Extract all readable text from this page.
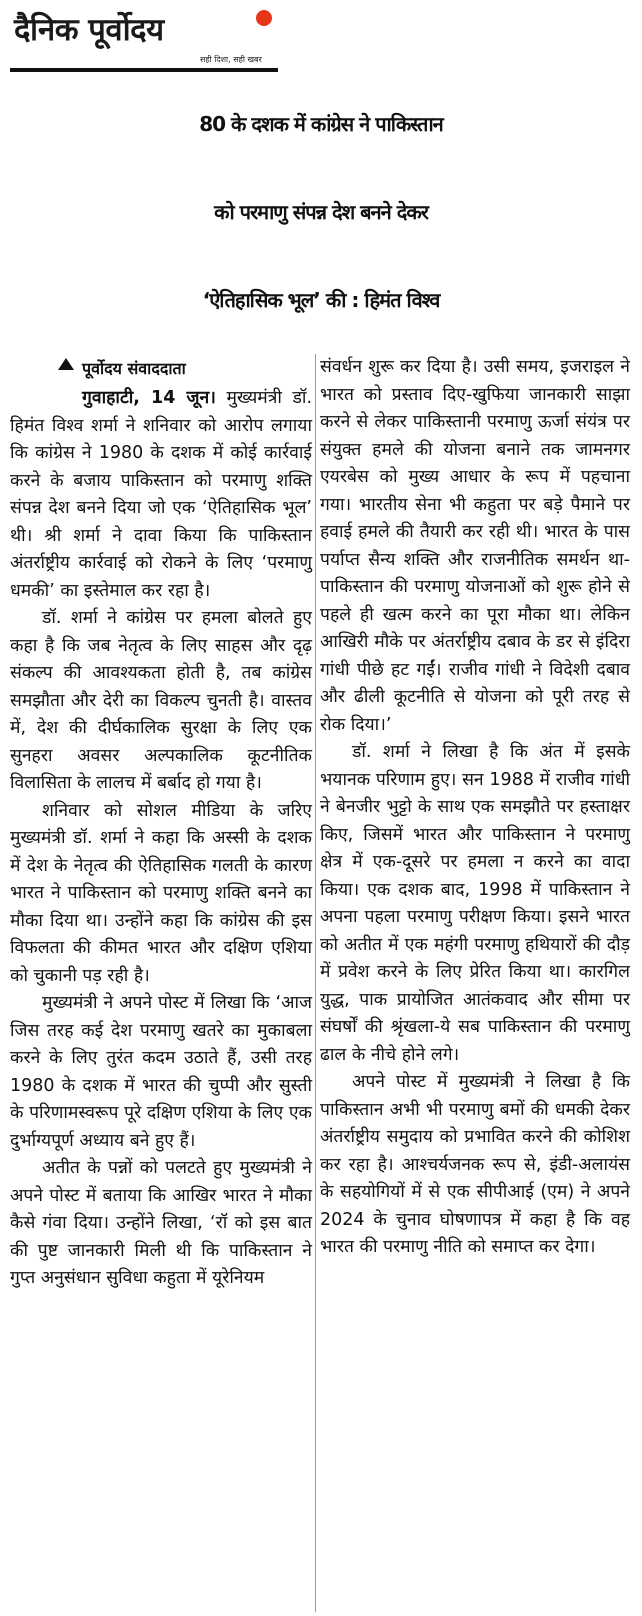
दैनिक पूर्वोदय
सही दिशा, सही खबर
80 के दशक में कांग्रेस ने पाकिस्तान
को परमाणु संपन्न देश बनने देकर
‘ऐतिहासिक भूल’ की : हिमंत विश्व
पूर्वोदय संवाददाता

गुवाहाटी, 14 जून। मुख्यमंत्री डॉ. हिमंत विश्व शर्मा ने शनिवार को आरोप लगाया कि कांग्रेस ने 1980 के दशक में कोई कार्रवाई करने के बजाय पाकिस्तान को परमाणु शक्ति संपन्न देश बनने दिया जो एक ‘ऐतिहासिक भूल’ थी। श्री शर्मा ने दावा किया कि पाकिस्तान अंतर्राष्ट्रीय कार्रवाई को रोकने के लिए ‘परमाणु धमकी’ का इस्तेमाल कर रहा है।

डॉ. शर्मा ने कांग्रेस पर हमला बोलते हुए कहा है कि जब नेतृत्व के लिए साहस और दृढ़ संकल्प की आवश्यकता होती है, तब कांग्रेस समझौता और देरी का विकल्प चुनती है। वास्तव में, देश की दीर्घकालिक सुरक्षा के लिए एक सुनहरा अवसर अल्पकालिक कूटनीतिक विलासिता के लालच में बर्बाद हो गया है।

शनिवार को सोशल मीडिया के जरिए मुख्यमंत्री डॉ. शर्मा ने कहा कि अस्सी के दशक में देश के नेतृत्व की ऐतिहासिक गलती के कारण भारत ने पाकिस्तान को परमाणु शक्ति बनने का मौका दिया था। उन्होंने कहा कि कांग्रेस की इस विफलता की कीमत भारत और दक्षिण एशिया को चुकानी पड़ रही है।

मुख्यमंत्री ने अपने पोस्ट में लिखा कि ‘आज जिस तरह कई देश परमाणु खतरे का मुकाबला करने के लिए तुरंत कदम उठाते हैं, उसी तरह 1980 के दशक में भारत की चुप्पी और सुस्ती के परिणामस्वरूप पूरे दक्षिण एशिया के लिए एक दुर्भाग्यपूर्ण अध्याय बने हुए हैं।

अतीत के पन्नों को पलटते हुए मुख्यमंत्री ने अपने पोस्ट में बताया कि आखिर भारत ने मौका कैसे गंवा दिया। उन्होंने लिखा, ‘रॉ को इस बात की पुष्ट जानकारी मिली थी कि पाकिस्तान ने गुप्त अनुसंधान सुविधा कहुता में यूरेनियम

संवर्धन शुरू कर दिया है। उसी समय, इजराइल ने भारत को प्रस्ताव दिए-खुफिया जानकारी साझा करने से लेकर पाकिस्तानी परमाणु ऊर्जा संयंत्र पर संयुक्त हमले की योजना बनाने तक जामनगर एयरबेस को मुख्य आधार के रूप में पहचाना गया। भारतीय सेना भी कहुता पर बड़े पैमाने पर हवाई हमले की तैयारी कर रही थी। भारत के पास पर्याप्त सैन्य शक्ति और राजनीतिक समर्थन था-पाकिस्तान की परमाणु योजनाओं को शुरू होने से पहले ही खत्म करने का पूरा मौका था। लेकिन आखिरी मौके पर अंतर्राष्ट्रीय दबाव के डर से इंदिरा गांधी पीछे हट गईं। राजीव गांधी ने विदेशी दबाव और ढीली कूटनीति से योजना को पूरी तरह से रोक दिया।’

डॉ. शर्मा ने लिखा है कि अंत में इसके भयानक परिणाम हुए। सन 1988 में राजीव गांधी ने बेनजीर भुट्टो के साथ एक समझौते पर हस्ताक्षर किए, जिसमें भारत और पाकिस्तान ने परमाणु क्षेत्र में एक-दूसरे पर हमला न करने का वादा किया। एक दशक बाद, 1998 में पाकिस्तान ने अपना पहला परमाणु परीक्षण किया। इसने भारत को अतीत में एक महंगी परमाणु हथियारों की दौड़ में प्रवेश करने के लिए प्रेरित किया था। कारगिल युद्ध, पाक प्रायोजित आतंकवाद और सीमा पर संघर्षों की श्रृंखला-ये सब पाकिस्तान की परमाणु ढाल के नीचे होने लगे।

अपने पोस्ट में मुख्यमंत्री ने लिखा है कि पाकिस्तान अभी भी परमाणु बमों की धमकी देकर अंतर्राष्ट्रीय समुदाय को प्रभावित करने की कोशिश कर रहा है। आश्चर्यजनक रूप से, इंडी-अलायंस के सहयोगियों में से एक सीपीआई (एम) ने अपने 2024 के चुनाव घोषणापत्र में कहा है कि वह भारत की परमाणु नीति को समाप्त कर देगा।
